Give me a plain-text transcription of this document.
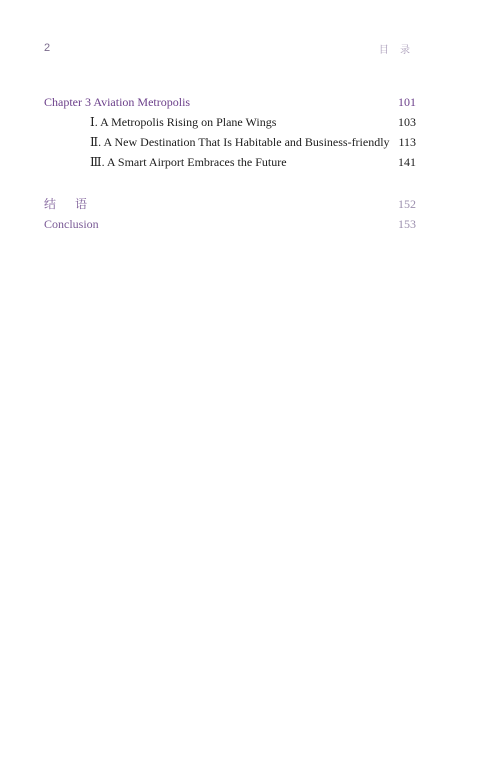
2	目 录
Chapter 3 Aviation Metropolis	101
Ⅰ. A Metropolis Rising on Plane Wings	103
Ⅱ. A New Destination That Is Habitable and Business-friendly 113
Ⅲ. A Smart Airport Embraces the Future	141
结 语	152
Conclusion	153
